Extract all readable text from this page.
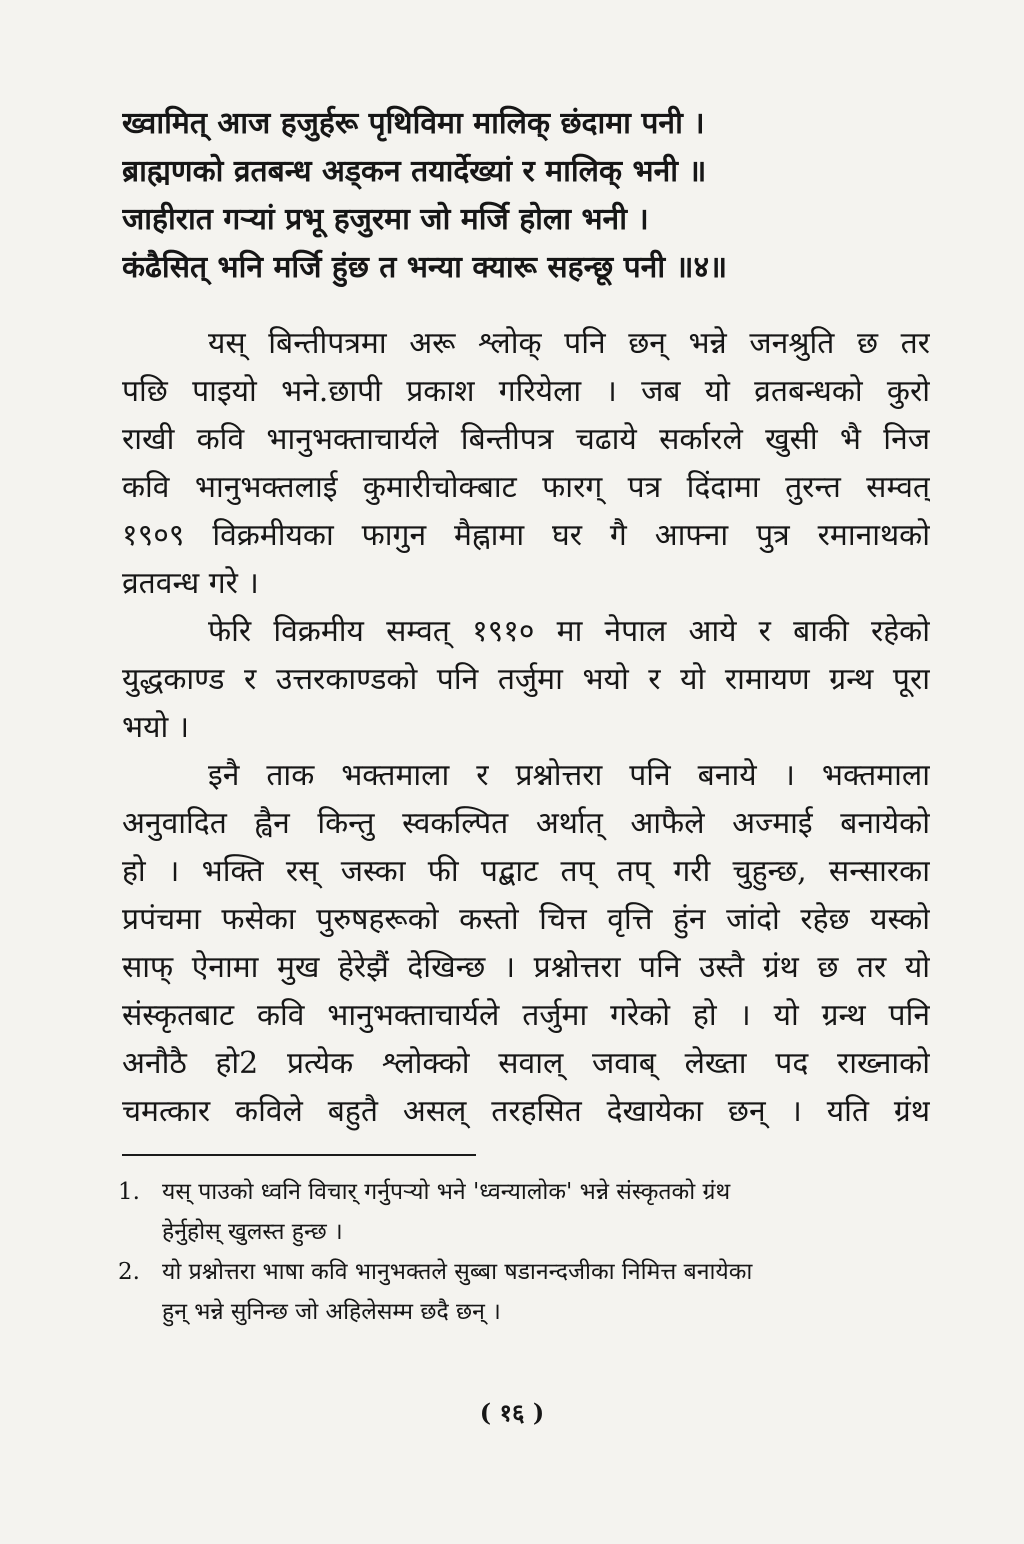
ख्वामित् आज हजुर्हरू पृथिविमा मालिक् छंदामा पनी ।
ब्राह्मणको व्रतबन्ध अड्कन तयार्देख्यां र मालिक् भनी ॥
जाहीरात गऱ्यां प्रभू हजुरमा जो मर्जि होला भनी ।
कंढैसित् भनि मर्जि हुंछ त भन्या क्यारू सहन्छू पनी ॥४॥
यस् बिन्तीपत्रमा अरू श्लोक् पनि छन् भन्ने जनश्रुति छ तर
पछि पाइयो भने.छापी प्रकाश गरियेला । जब यो व्रतबन्धको कुरो
राखी कवि भानुभक्ताचार्यले बिन्तीपत्र चढाये सर्कारले खुसी भै निज
कवि भानुभक्तलाई कुमारीचोक्बाट फारग् पत्र दिंदामा तुरन्त सम्वत्
१९०९ विक्रमीयका फागुन मैह्नामा घर गै आफ्ना पुत्र रमानाथको
व्रतवन्ध गरे ।
फेरि विक्रमीय सम्वत् १९१० मा नेपाल आये र बाकी रहेको
युद्धकाण्ड र उत्तरकाण्डको पनि तर्जुमा भयो र यो रामायण ग्रन्थ पूरा
भयो ।
इनै ताक भक्तमाला र प्रश्नोत्तरा पनि बनाये । भक्तमाला
अनुवादित ह्वैन किन्तु स्वकल्पित अर्थात् आफैले अज्माई बनायेको
हो । भक्ति रस् जस्का फी पद्बाट तप् तप् गरी चुहुन्छ, सन्सारका
प्रपंचमा फसेका पुरुषहरूको कस्तो चित्त वृत्ति हुंन जांदो रहेछ यस्को
साफ् ऐनामा मुख हेरेझैं देखिन्छ । प्रश्नोत्तरा पनि उस्तै ग्रंथ छ तर यो
संस्कृतबाट कवि भानुभक्ताचार्यले तर्जुमा गरेको हो । यो ग्रन्थ पनि
अनौठै हो2 प्रत्येक श्लोक्को सवाल् जवाब् लेख्ता पद राख्नाको
चमत्कार कविले बहुतै असल् तरहसित देखायेका छन् । यति ग्रंथ
1. यस् पाउको ध्वनि विचार् गर्नुपऱ्यो भने 'ध्वन्यालोक' भन्ने संस्कृतको ग्रंथ
हेर्नुहोस् खुलस्त हुन्छ ।
2. यो प्रश्नोत्तरा भाषा कवि भानुभक्तले सुब्बा षडानन्दजीका निमित्त बनायेका
हुन् भन्ने सुनिन्छ जो अहिलेसम्म छदै छन् ।
( १६ )
